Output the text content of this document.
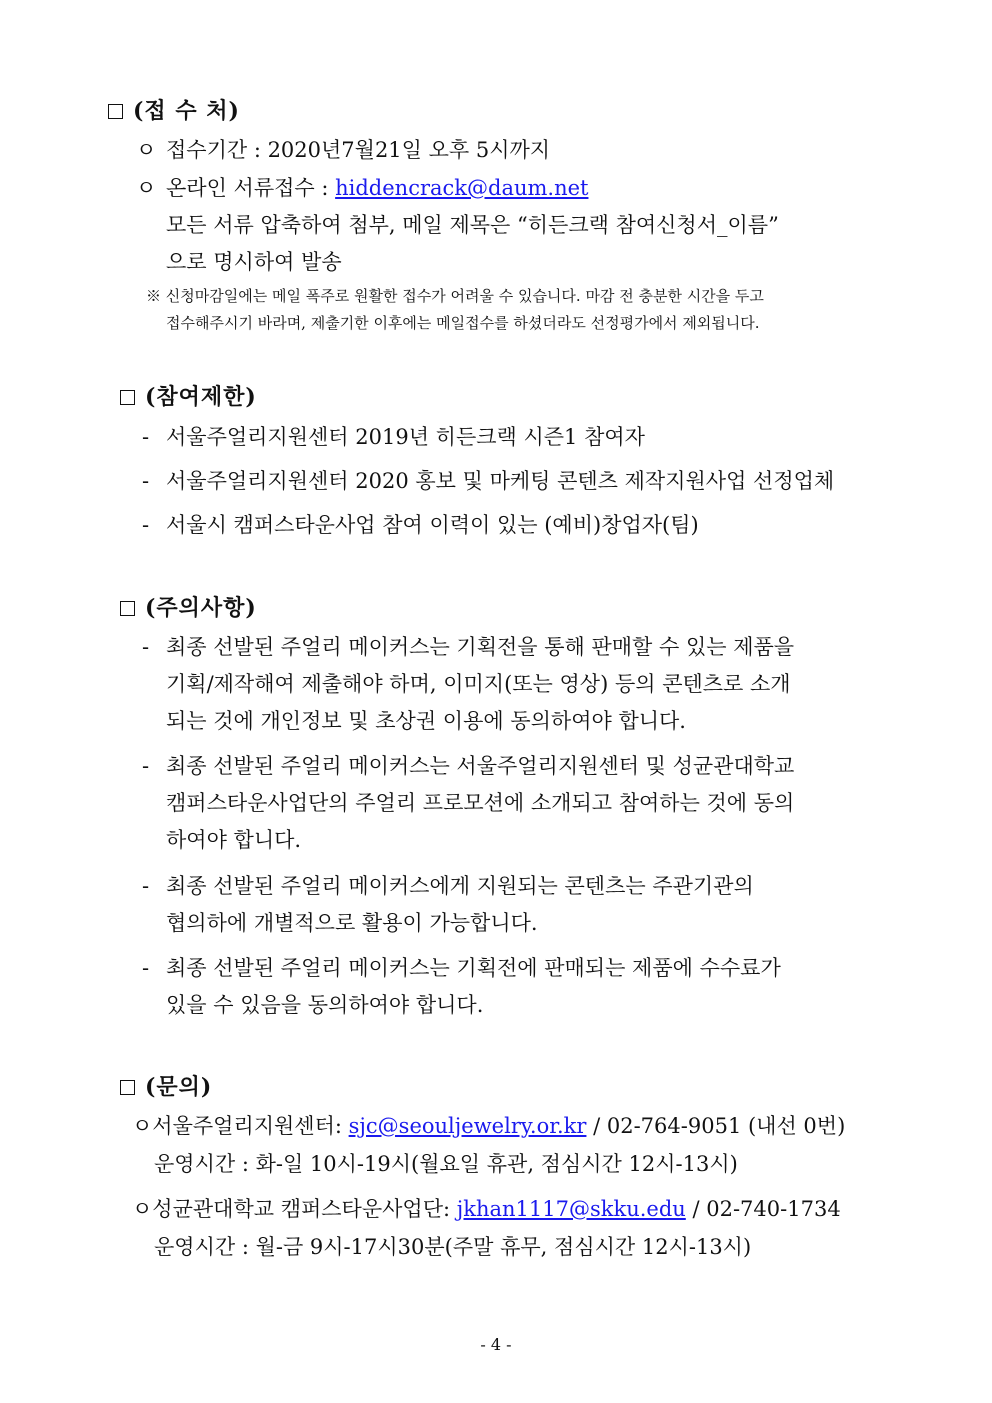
(접 수 처)
ㅇ 접수기간 : 2020년7월21일 오후 5시까지
ㅇ 온라인 서류접수 : hiddencrack@daum.net
모든 서류 압축하여 첨부, 메일 제목은 “히든크랙 참여신청서_이름”
으로 명시하여 발송
※ 신청마감일에는 메일 폭주로 원활한 접수가 어려울 수 있습니다. 마감 전 충분한 시간을 두고
접수해주시기 바라며, 제출기한 이후에는 메일접수를 하셨더라도 선정평가에서 제외됩니다.
(참여제한)
- 서울주얼리지원센터 2019년 히든크랙 시즌1 참여자
- 서울주얼리지원센터 2020 홍보 및 마케팅 콘텐츠 제작지원사업 선정업체
- 서울시 캠퍼스타운사업 참여 이력이 있는 (예비)창업자(팀)
(주의사항)
- 최종 선발된 주얼리 메이커스는 기획전을 통해 판매할 수 있는 제품을
기획/제작해여 제출해야 하며, 이미지(또는 영상) 등의 콘텐츠로 소개
되는 것에 개인정보 및 초상권 이용에 동의하여야 합니다.
- 최종 선발된 주얼리 메이커스는 서울주얼리지원센터 및 성균관대학교
캠퍼스타운사업단의 주얼리 프로모션에 소개되고 참여하는 것에 동의
하여야 합니다.
- 최종 선발된 주얼리 메이커스에게 지원되는 콘텐츠는 주관기관의
협의하에 개별적으로 활용이 가능합니다.
- 최종 선발된 주얼리 메이커스는 기획전에 판매되는 제품에 수수료가
있을 수 있음을 동의하여야 합니다.
(문의)
ㅇ서울주얼리지원센터: sjc@seouljewelry.or.kr / 02-764-9051 (내선 0번)
운영시간 : 화-일 10시-19시(월요일 휴관, 점심시간 12시-13시)
ㅇ성균관대학교 캠퍼스타운사업단: jkhan1117@skku.edu / 02-740-1734
운영시간 : 월-금 9시-17시30분(주말 휴무, 점심시간 12시-13시)
- 4 -
